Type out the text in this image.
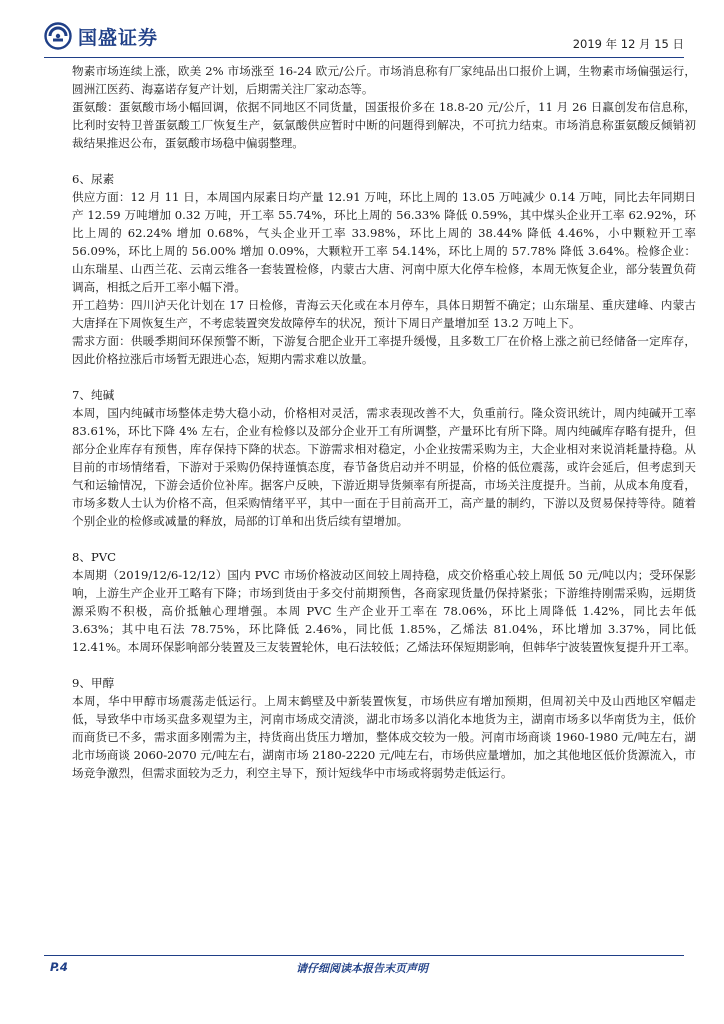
国盛证券	2019 年 12 月 15 日

物素市场连续上涨，欧美 2% 市场涨至 16-24 欧元/公斤。市场消息称有厂家纯品出口报价上调，生物素市场偏强运行，圆洲江医药、海嘉诺存复产计划，后期需关注厂家动态等。

蛋氨酸：蛋氨酸市场小幅回调，依据不同地区不同货量，国蛋报价多在 18.8-20 元/公斤，11 月 26 日赢创发布信息称，比利时安特卫普蛋氨酸工厂恢复生产，氨氯酸供应暂时中断的问题得到解决，不可抗力结束。市场消息称蛋氨酸反倾销初裁结果推迟公布，蛋氨酸市场稳中偏弱整理。

6、尿素

供应方面：12 月 11 日，本周国内尿素日均产量 12.91 万吨，环比上周的 13.05 万吨减少 0.14 万吨，同比去年同期日产 12.59 万吨增加 0.32 万吨，开工率 55.74%，环比上周的 56.33% 降低 0.59%，其中煤头企业开工率 62.92%，环比上周的 62.24% 增加 0.68%，气头企业开工率 33.98%，环比上周的 38.44% 降低 4.46%，小中颗粒开工率 56.09%，环比上周的 56.00% 增加 0.09%，大颗粒开工率 54.14%，环比上周的 57.78% 降低 3.64%。检修企业：山东瑞星、山西兰花、云南云维各一套装置检修，内蒙古大唐、河南中原大化停车检修，本周无恢复企业，部分装置负荷调高，相抵之后开工率小幅下滑。

开工趋势：四川泸天化计划在 17 日检修，青海云天化或在本月停车，具体日期暂不确定；山东瑞星、重庆建峰、内蒙古大唐择在下周恢复生产，不考虑装置突发故障停车的状况，预计下周日产量增加至 13.2 万吨上下。

需求方面：供暖季期间环保预警不断，下游复合肥企业开工率提升缓慢，且多数工厂在价格上涨之前已经储备一定库存，因此价格拉涨后市场暂无跟进心态，短期内需求难以放量。

7、纯碱

本周，国内纯碱市场整体走势大稳小动，价格相对灵活，需求表现改善不大，负重前行。隆众资讯统计，周内纯碱开工率 83.61%，环比下降 4% 左右，企业有检修以及部分企业开工有所调整，产量环比有所下降。周内纯碱库存略有提升，但部分企业库存有预售，库存保持下降的状态。下游需求相对稳定，小企业按需采购为主，大企业相对来说消耗量持稳。从目前的市场情绪看，下游对于采购仍保持谨慎态度，春节备货启动并不明显，价格的低位震荡，或许会延后，但考虑到天气和运输情况，下游会适价位补库。据客户反映，下游近期导货频率有所提高，市场关注度提升。当前，从成本角度看，市场多数人士认为价格不高，但采购情绪平平，其中一面在于目前高开工，高产量的制约，下游以及贸易保持等待。随着个别企业的检修或减量的释放，局部的订单和出货后续有望增加。

8、PVC

本周期（2019/12/6-12/12）国内 PVC 市场价格波动区间较上周持稳，成交价格重心较上周低 50 元/吨以内；受环保影响，上游生产企业开工略有下降；市场到货由于多交付前期预售，各商家现货量仍保持紧张；下游维持刚需采购，远期货源采购不积极，高价抵触心理增强。本周 PVC 生产企业开工率在 78.06%，环比上周降低 1.42%，同比去年低 3.63%；其中电石法 78.75%，环比降低 2.46%，同比低 1.85%，乙烯法 81.04%，环比增加 3.37%，同比低 12.41%。本周环保影响部分装置及三友装置轮休，电石法较低；乙烯法环保短期影响，但韩华宁波装置恢复提升开工率。

9、甲醇

本周，华中甲醇市场震荡走低运行。上周末鹤壁及中新装置恢复，市场供应有增加预期，但周初关中及山西地区窄幅走低，导致华中市场买盘多观望为主，河南市场成交清淡，湖北市场多以消化本地货为主，湖南市场多以华南货为主，低价而商货已不多，需求面多刚需为主，持货商出货压力增加，整体成交较为一般。河南市场商谈 1960-1980 元/吨左右，湖北市场商谈 2060-2070 元/吨左右，湖南市场 2180-2220 元/吨左右，市场供应量增加，加之其他地区低价货源流入，市场竞争激烈，但需求面较为乏力，利空主导下，预计短线华中市场或将弱势走低运行。

P.4	请仔细阅读本报告末页声明
